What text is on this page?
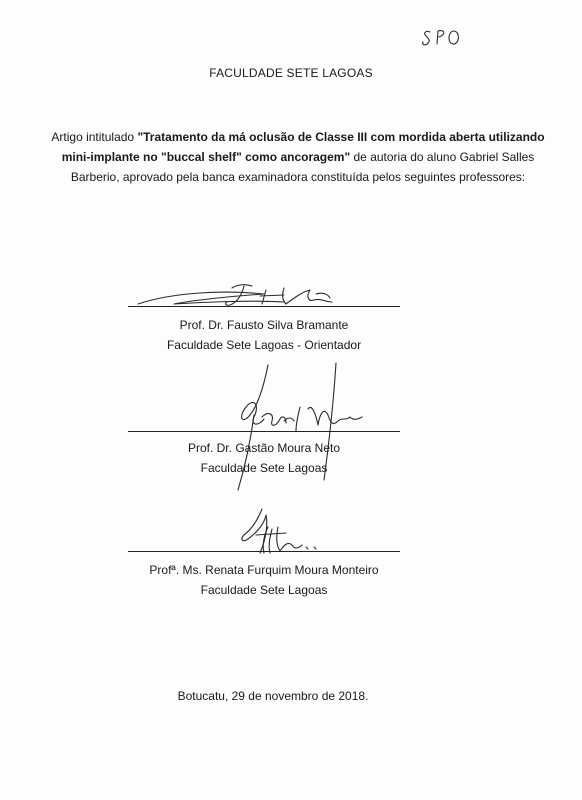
FACULDADE SETE LAGOAS
Artigo intitulado "Tratamento da má oclusão de Classe III com mordida aberta utilizando mini-implante no "buccal shelf" como ancoragem" de autoria do aluno Gabriel Salles Barberio, aprovado pela banca examinadora constituída pelos seguintes professores:
Prof. Dr. Fausto Silva Bramante
Faculdade Sete Lagoas - Orientador
Prof. Dr. Gastão Moura Neto
Faculdade Sete Lagoas
Profª. Ms. Renata Furquim Moura Monteiro
Faculdade Sete Lagoas
Botucatu, 29 de novembro de 2018.
